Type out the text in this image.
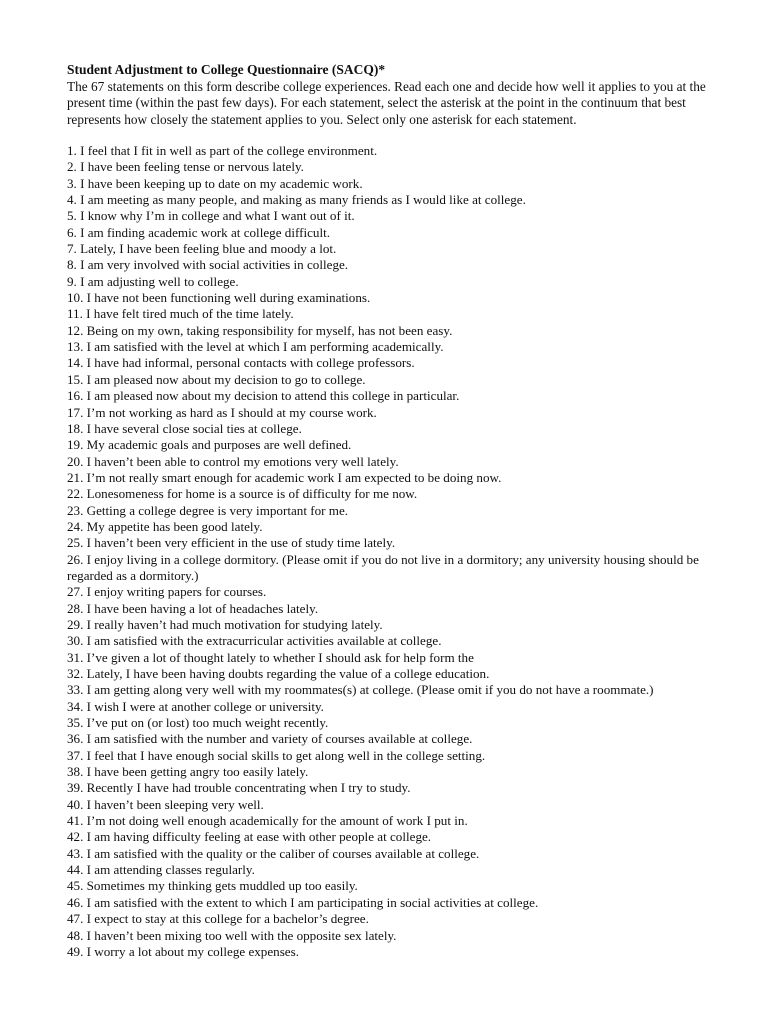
Student Adjustment to College Questionnaire (SACQ)*

The 67 statements on this form describe college experiences. Read each one and decide how well it applies to you at the present time (within the past few days). For each statement, select the asterisk at the point in the continuum that best represents how closely the statement applies to you. Select only one asterisk for each statement.

1. I feel that I fit in well as part of the college environment.
2. I have been feeling tense or nervous lately.
3. I have been keeping up to date on my academic work.
4. I am meeting as many people, and making as many friends as I would like at college.
5. I know why I’m in college and what I want out of it.
6. I am finding academic work at college difficult.
7. Lately, I have been feeling blue and moody a lot.
8. I am very involved with social activities in college.
9. I am adjusting well to college.
10. I have not been functioning well during examinations.
11. I have felt tired much of the time lately.
12. Being on my own, taking responsibility for myself, has not been easy.
13. I am satisfied with the level at which I am performing academically.
14. I have had informal, personal contacts with college professors.
15. I am pleased now about my decision to go to college.
16. I am pleased now about my decision to attend this college in particular.
17. I’m not working as hard as I should at my course work.
18. I have several close social ties at college.
19. My academic goals and purposes are well defined.
20. I haven’t been able to control my emotions very well lately.
21. I’m not really smart enough for academic work I am expected to be doing now.
22. Lonesomeness for home is a source is of difficulty for me now.
23. Getting a college degree is very important for me.
24. My appetite has been good lately.
25. I haven’t been very efficient in the use of study time lately.
26. I enjoy living in a college dormitory. (Please omit if you do not live in a dormitory; any university housing should be regarded as a dormitory.)
27. I enjoy writing papers for courses.
28. I have been having a lot of headaches lately.
29. I really haven’t had much motivation for studying lately.
30. I am satisfied with the extracurricular activities available at college.
31. I’ve given a lot of thought lately to whether I should ask for help form the
32. Lately, I have been having doubts regarding the value of a college education.
33. I am getting along very well with my roommates(s) at college. (Please omit if you do not have a roommate.)
34. I wish I were at another college or university.
35. I’ve put on (or lost) too much weight recently.
36. I am satisfied with the number and variety of courses available at college.
37. I feel that I have enough social skills to get along well in the college setting.
38. I have been getting angry too easily lately.
39. Recently I have had trouble concentrating when I try to study.
40. I haven’t been sleeping very well.
41. I’m not doing well enough academically for the amount of work I put in.
42. I am having difficulty feeling at ease with other people at college.
43. I am satisfied with the quality or the caliber of courses available at college.
44. I am attending classes regularly.
45. Sometimes my thinking gets muddled up too easily.
46. I am satisfied with the extent to which I am participating in social activities at college.
47. I expect to stay at this college for a bachelor’s degree.
48. I haven’t been mixing too well with the opposite sex lately.
49. I worry a lot about my college expenses.
